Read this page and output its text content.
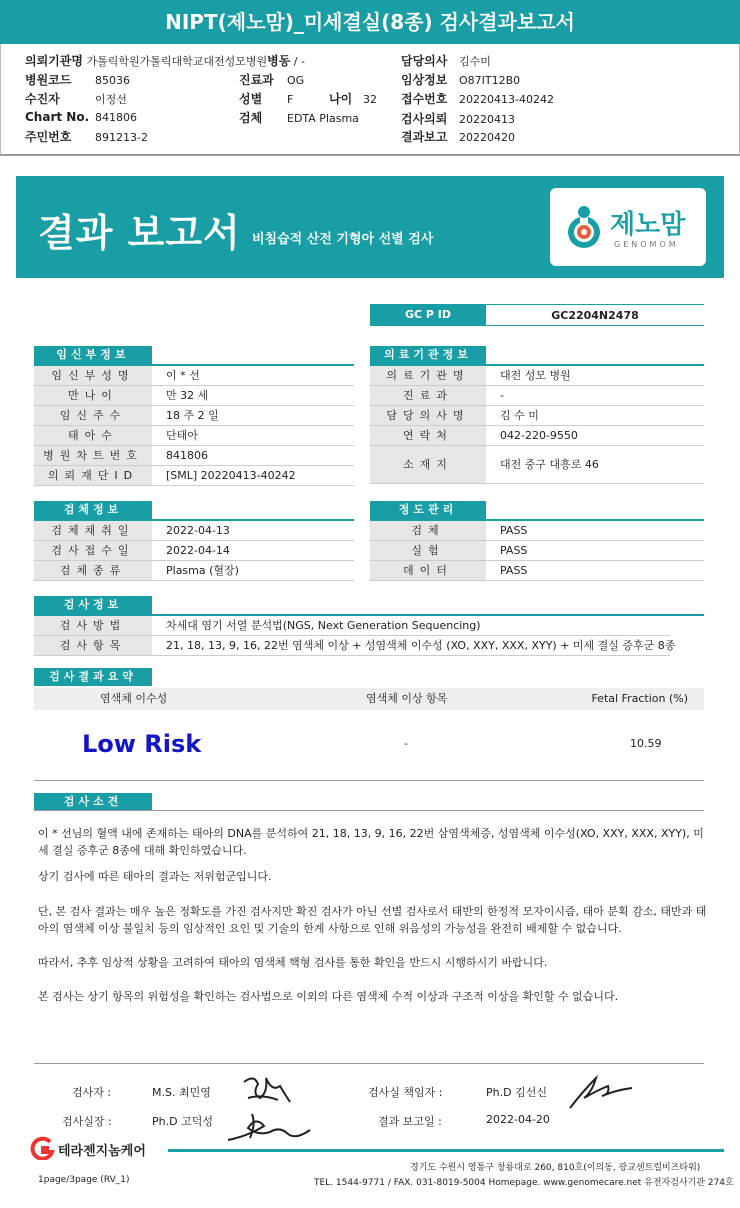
NIPT(제노맘)_미세결실(8종) 검사결과보고서
의뢰기관명 가톨릭학원가톨릭대학교대전성모병원병동 / -
병원코드 85036	진료과 OG
수진자	이정선	성별 F	나이 32
Chart No. 841806	검체 EDTA Plasma
주민번호 891213-2
담당의사 김수미
임상정보 O87IT12B0
접수번호 20220413-40242
검사의뢰 20220413
결과보고 20220420
결과 보고서 비침습적 산전 기형아 선별 검사	제노맘
GENOMOM
GC P ID	GC2204N2478
임신부정보
임신부성명	이 * 선
만나이	만 32 세
임신주수	18 주 2 일
태아수	단태아
병원차트번호	841806
의뢰재단ID	[SML] 20220413-40242
의료기관정보
의료기관명	대전 성모 병원
진료과	-
담당의사명	김 수 미
연락처	042-220-9550
소재지	대전 중구 대흥로 46
검체정보
검체채취일	2022-04-13
검사접수일	2022-04-14
검체종류	Plasma (혈장)
정도관리
검체	PASS
실험	PASS
데이터	PASS
검사정보
검사방법	차세대 염기 서열 분석법(NGS, Next Generation Sequencing)
검사항목	21, 18, 13, 9, 16, 22번 염색체 이상 + 성염색체 이수성 (XO, XXY, XXX, XYY) + 미세 결실 증후군 8종
검사결과요약
염색체 이수성	염색체 이상 항목	Fetal Fraction (%)
Low Risk	-	10.59
검사소견
이 * 선님의 혈액 내에 존재하는 태아의 DNA를 분석하여 21, 18, 13, 9, 16, 22번 삼염색체증, 성염색체 이수성(XO, XXY, XXX, XYY), 미세 결실 증후군 8종에 대해 확인하였습니다.
상기 검사에 따른 태아의 결과는 저위험군입니다.
단, 본 검사 결과는 매우 높은 정확도를 가진 검사지만 확진 검사가 아닌 선별 검사로서 태반의 한정적 모자이시즘, 태아 분획 감소, 태반과 태아의 염색체 이상 불일치 등의 임상적인 요인 및 기술의 한계 사항으로 인해 위음성의 가능성을 완전히 배제할 수 없습니다.
따라서, 추후 임상적 상황을 고려하여 태아의 염색체 핵형 검사를 통한 확인을 반드시 시행하시기 바랍니다.
본 검사는 상기 항목의 위험성을 확인하는 검사법으로 이외의 다른 염색체 수적 이상과 구조적 이상을 확인할 수 없습니다.
검사자 :	M.S. 최민영	검사실 책임자 :	Ph.D 김선신
검사실장 :	Ph.D 고덕성	결과 보고일 :	2022-04-20
테라젠지놈케어
경기도 수원시 영통구 창룡대로 260, 810호(이의동, 광교센트럴비즈타워)
1page/3page (RV_1)	TEL. 1544-9771 / FAX. 031-8019-5004 Homepage. www.genomecare.net 유전자검사기관 274호
